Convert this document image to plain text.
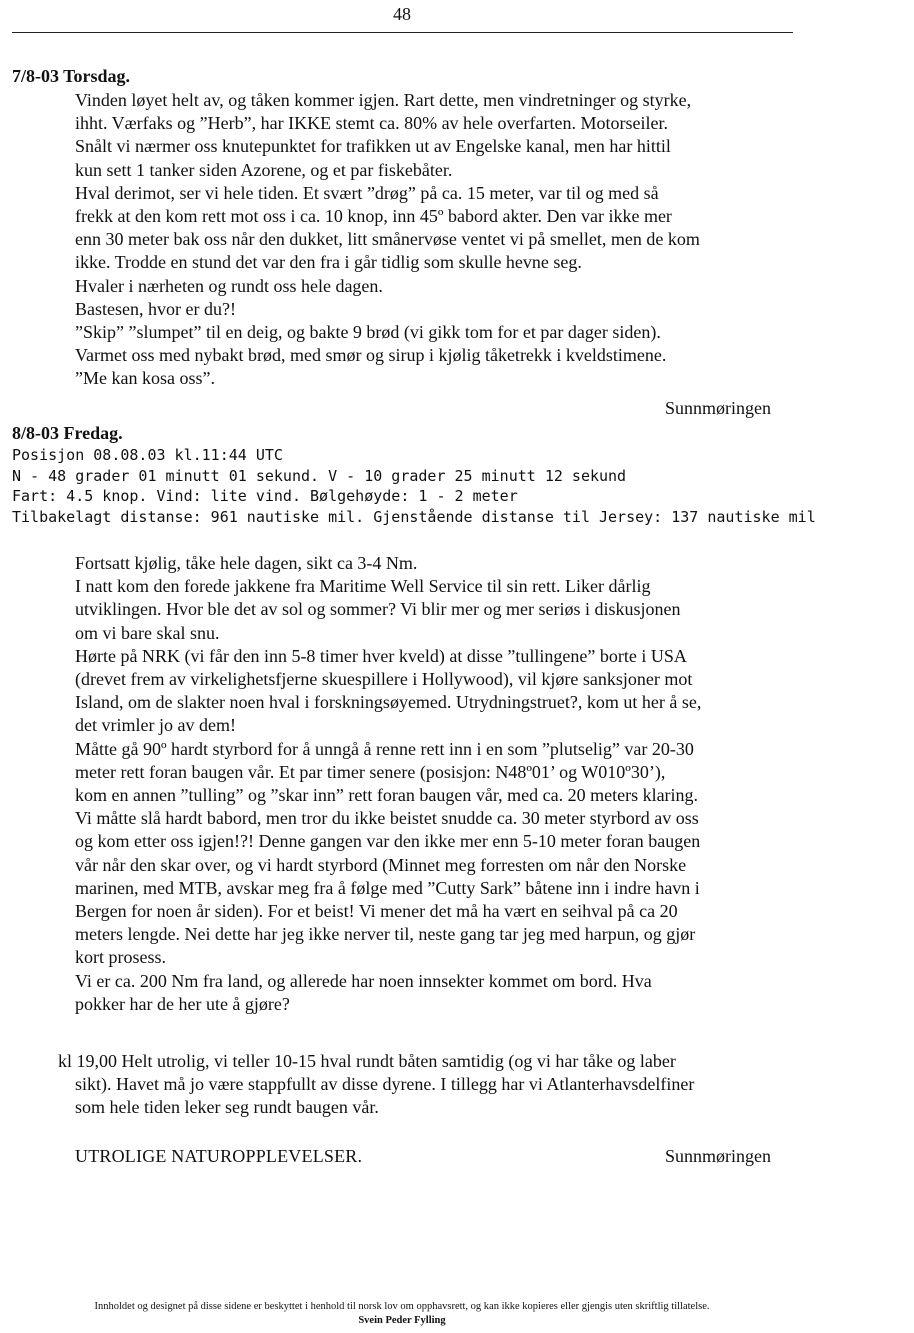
48
7/8-03 Torsdag.
Vinden løyet helt av, og tåken kommer igjen. Rart dette, men vindretninger og styrke,
ihht. Værfaks og ”Herb”, har IKKE stemt ca. 80% av hele overfarten. Motorseiler.
Snålt vi nærmer oss knutepunktet for trafikken ut av Engelske kanal, men har hittil
kun sett 1 tanker siden Azorene, og et par fiskebåter.
Hval derimot, ser vi hele tiden. Et svært ”drøg” på ca. 15 meter, var til og med så
frekk at den kom rett mot oss i ca. 10 knop, inn 45º babord akter. Den var ikke mer
enn 30 meter bak oss når den dukket, litt smånervøse ventet vi på smellet, men de kom
ikke. Trodde en stund det var den fra i går tidlig som skulle hevne seg.
Hvaler i nærheten og rundt oss hele dagen.
Bastesen, hvor er du?!
”Skip” ”slumpet” til en deig, og bakte 9 brød (vi gikk tom for et par dager siden).
Varmet oss med nybakt brød, med smør og sirup i kjølig tåketrekk i kveldstimene.
”Me kan kosa oss”.
Sunnmøringen
8/8-03 Fredag.
Posisjon 08.08.03 kl.11:44 UTC
N - 48 grader 01 minutt 01 sekund. V - 10 grader 25 minutt 12 sekund
Fart: 4.5 knop. Vind: lite vind. Bølgehøyde: 1 - 2 meter
Tilbakelagt distanse: 961 nautiske mil. Gjenstående distanse til Jersey: 137 nautiske mil
Fortsatt kjølig, tåke hele dagen, sikt ca 3-4 Nm.
I natt kom den forede jakkene fra Maritime Well Service til sin rett. Liker dårlig
utviklingen. Hvor ble det av sol og sommer? Vi blir mer og mer seriøs i diskusjonen
om vi bare skal snu.
Hørte på NRK (vi får den inn 5-8 timer hver kveld) at disse ”tullingene” borte i USA
(drevet frem av virkelighetsfjerne skuespillere i Hollywood), vil kjøre sanksjoner mot
Island, om de slakter noen hval i forskningsøyemed. Utrydningstruet?, kom ut her å se,
det vrimler jo av dem!
Måtte gå 90º hardt styrbord for å unngå å renne rett inn i en som ”plutselig” var 20-30
meter rett foran baugen vår. Et par timer senere (posisjon: N48º01’ og W010º30’),
kom en annen ”tulling” og ”skar inn” rett foran baugen vår, med ca. 20 meters klaring.
Vi måtte slå hardt babord, men tror du ikke beistet snudde ca. 30 meter styrbord av oss
og kom etter oss igjen!?! Denne gangen var den ikke mer enn 5-10 meter foran baugen
vår når den skar over, og vi hardt styrbord (Minnet meg forresten om når den Norske
marinen, med MTB, avskar meg fra å følge med ”Cutty Sark” båtene inn i indre havn i
Bergen for noen år siden). For et beist! Vi mener det må ha vært en seihval på ca 20
meters lengde. Nei dette har jeg ikke nerver til, neste gang tar jeg med harpun, og gjør
kort prosess.
Vi er ca. 200 Nm fra land, og allerede har noen innsekter kommet om bord. Hva
pokker har de her ute å gjøre?
kl 19,00 Helt utrolig, vi teller 10-15 hval rundt båten samtidig (og vi har tåke og laber
sikt). Havet må jo være stappfullt av disse dyrene. I tillegg har vi Atlanterhavsdelfiner
som hele tiden leker seg rundt baugen vår.
UTROLIGE NATUROPPLEVELSER.	Sunnmøringen
Innholdet og designet på disse sidene er beskyttet i henhold til norsk lov om opphavsrett, og kan ikke kopieres eller gjengis uten skriftlig tillatelse.
Svein Peder Fylling
